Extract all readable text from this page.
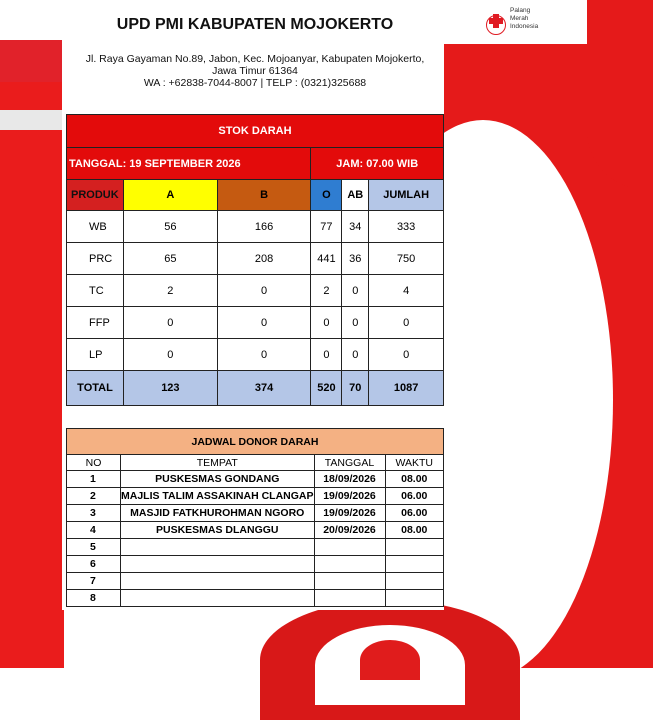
UPD PMI KABUPATEN MOJOKERTO
Jl. Raya Gayaman No.89, Jabon, Kec. Mojoanyar, Kabupaten Mojokerto,
Jawa Timur 61364
WA : +62838-7044-8007 | TELP : (0321)325688
Palang
Merah
Indonesia
STOK DARAH					
TANGGAL: 19 SEPTEMBER 2026			JAM: 07.00 WIB		
PRODUK	A	B	O	AB	JUMLAH
WB	56	166	77	34	333
PRC	65	208	441	36	750
TC	2	0	2	0	4
FFP	0	0	0	0	0
LP	0	0	0	0	0
TOTAL	123	374	520	70	1087
JADWAL DONOR DARAH			
NO	TEMPAT	TANGGAL	WAKTU
1	PUSKESMAS GONDANG	18/09/2026	08.00
2	MAJLIS TALIM ASSAKINAH CLANGAP	19/09/2026	06.00
3	MASJID FATKHUROHMAN NGORO	19/09/2026	06.00
4	PUSKESMAS DLANGGU	20/09/2026	08.00
5			
6			
7			
8			
